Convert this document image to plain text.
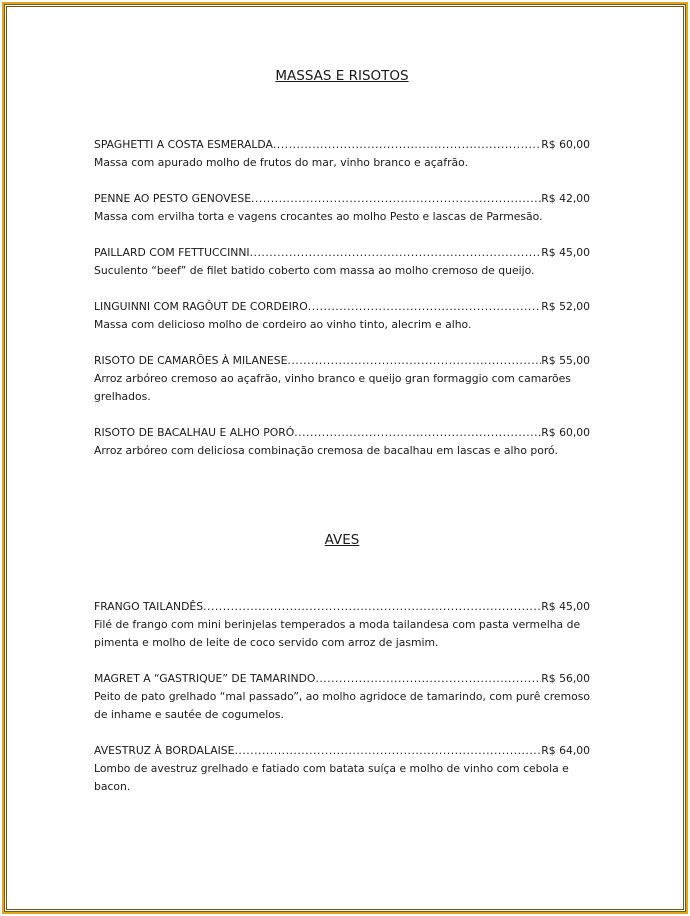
MASSAS E RISOTOS
SPAGHETTI A COSTA ESMERALDA .....	R$ 60,00

Massa com apurado molho de frutos do mar, vinho branco e açafrão.

PENNE AO PESTO GENOVESE .....	R$ 42,00

Massa com ervilha torta e vagens crocantes ao molho Pesto e lascas de Parmesão.

PAILLARD COM FETTUCCINNI .....	R$ 45,00

Suculento “beef” de filet batido coberto com massa ao molho cremoso de queijo.

LINGUINNI COM RAGÔUT DE CORDEIRO .....	R$ 52,00

Massa com delicioso molho de cordeiro ao vinho tinto, alecrim e alho.

RISOTO DE CAMARÕES À MILANESE .....	R$ 55,00

Arroz arbóreo cremoso ao açafrão, vinho branco e queijo gran formaggio com camarões grelhados.

RISOTO DE BACALHAU E ALHO PORÓ .....	R$ 60,00

Arroz arbóreo com deliciosa combinação cremosa de bacalhau em lascas e alho poró.

AVES
FRANGO TAILANDÊS .....	R$ 45,00

Filé de frango com mini berinjelas temperados a moda tailandesa com pasta vermelha de pimenta e molho de leite de coco servido com arroz de jasmim.

MAGRET A “GASTRIQUE” DE TAMARINDO .....	R$ 56,00

Peito de pato grelhado “mal passado”, ao molho agridoce de tamarindo, com purê cremoso de inhame e sautée de cogumelos.

AVESTRUZ À BORDALAISE .....	R$ 64,00

Lombo de avestruz grelhado e fatiado com batata suíça e molho de vinho com cebola e bacon.
